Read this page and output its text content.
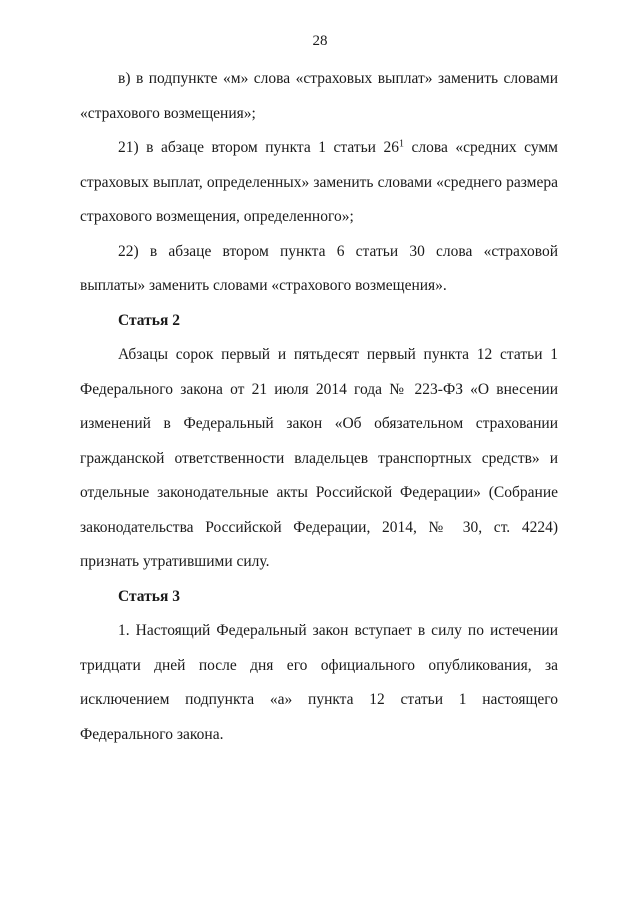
28

в) в подпункте «м» слова «страховых выплат» заменить словами «страхового возмещения»;

21) в абзаце втором пункта 1 статьи $26^1$ слова «средних сумм страховых выплат, определенных» заменить словами «среднего размера страхового возмещения, определенного»;

22) в абзаце втором пункта 6 статьи 30 слова «страховой выплаты» заменить словами «страхового возмещения».

Статья 2

Абзацы сорок первый и пятьдесят первый пункта 12 статьи 1 Федерального закона от 21 июля 2014 года № 223-ФЗ «О внесении изменений в Федеральный закон «Об обязательном страховании гражданской ответственности владельцев транспортных средств» и отдельные законодательные акты Российской Федерации» (Собрание законодательства Российской Федерации, 2014, № 30, ст. 4224) признать утратившими силу.

Статья 3

1. Настоящий Федеральный закон вступает в силу по истечении тридцати дней после дня его официального опубликования, за исключением подпункта «а» пункта 12 статьи 1 настоящего Федерального закона.
